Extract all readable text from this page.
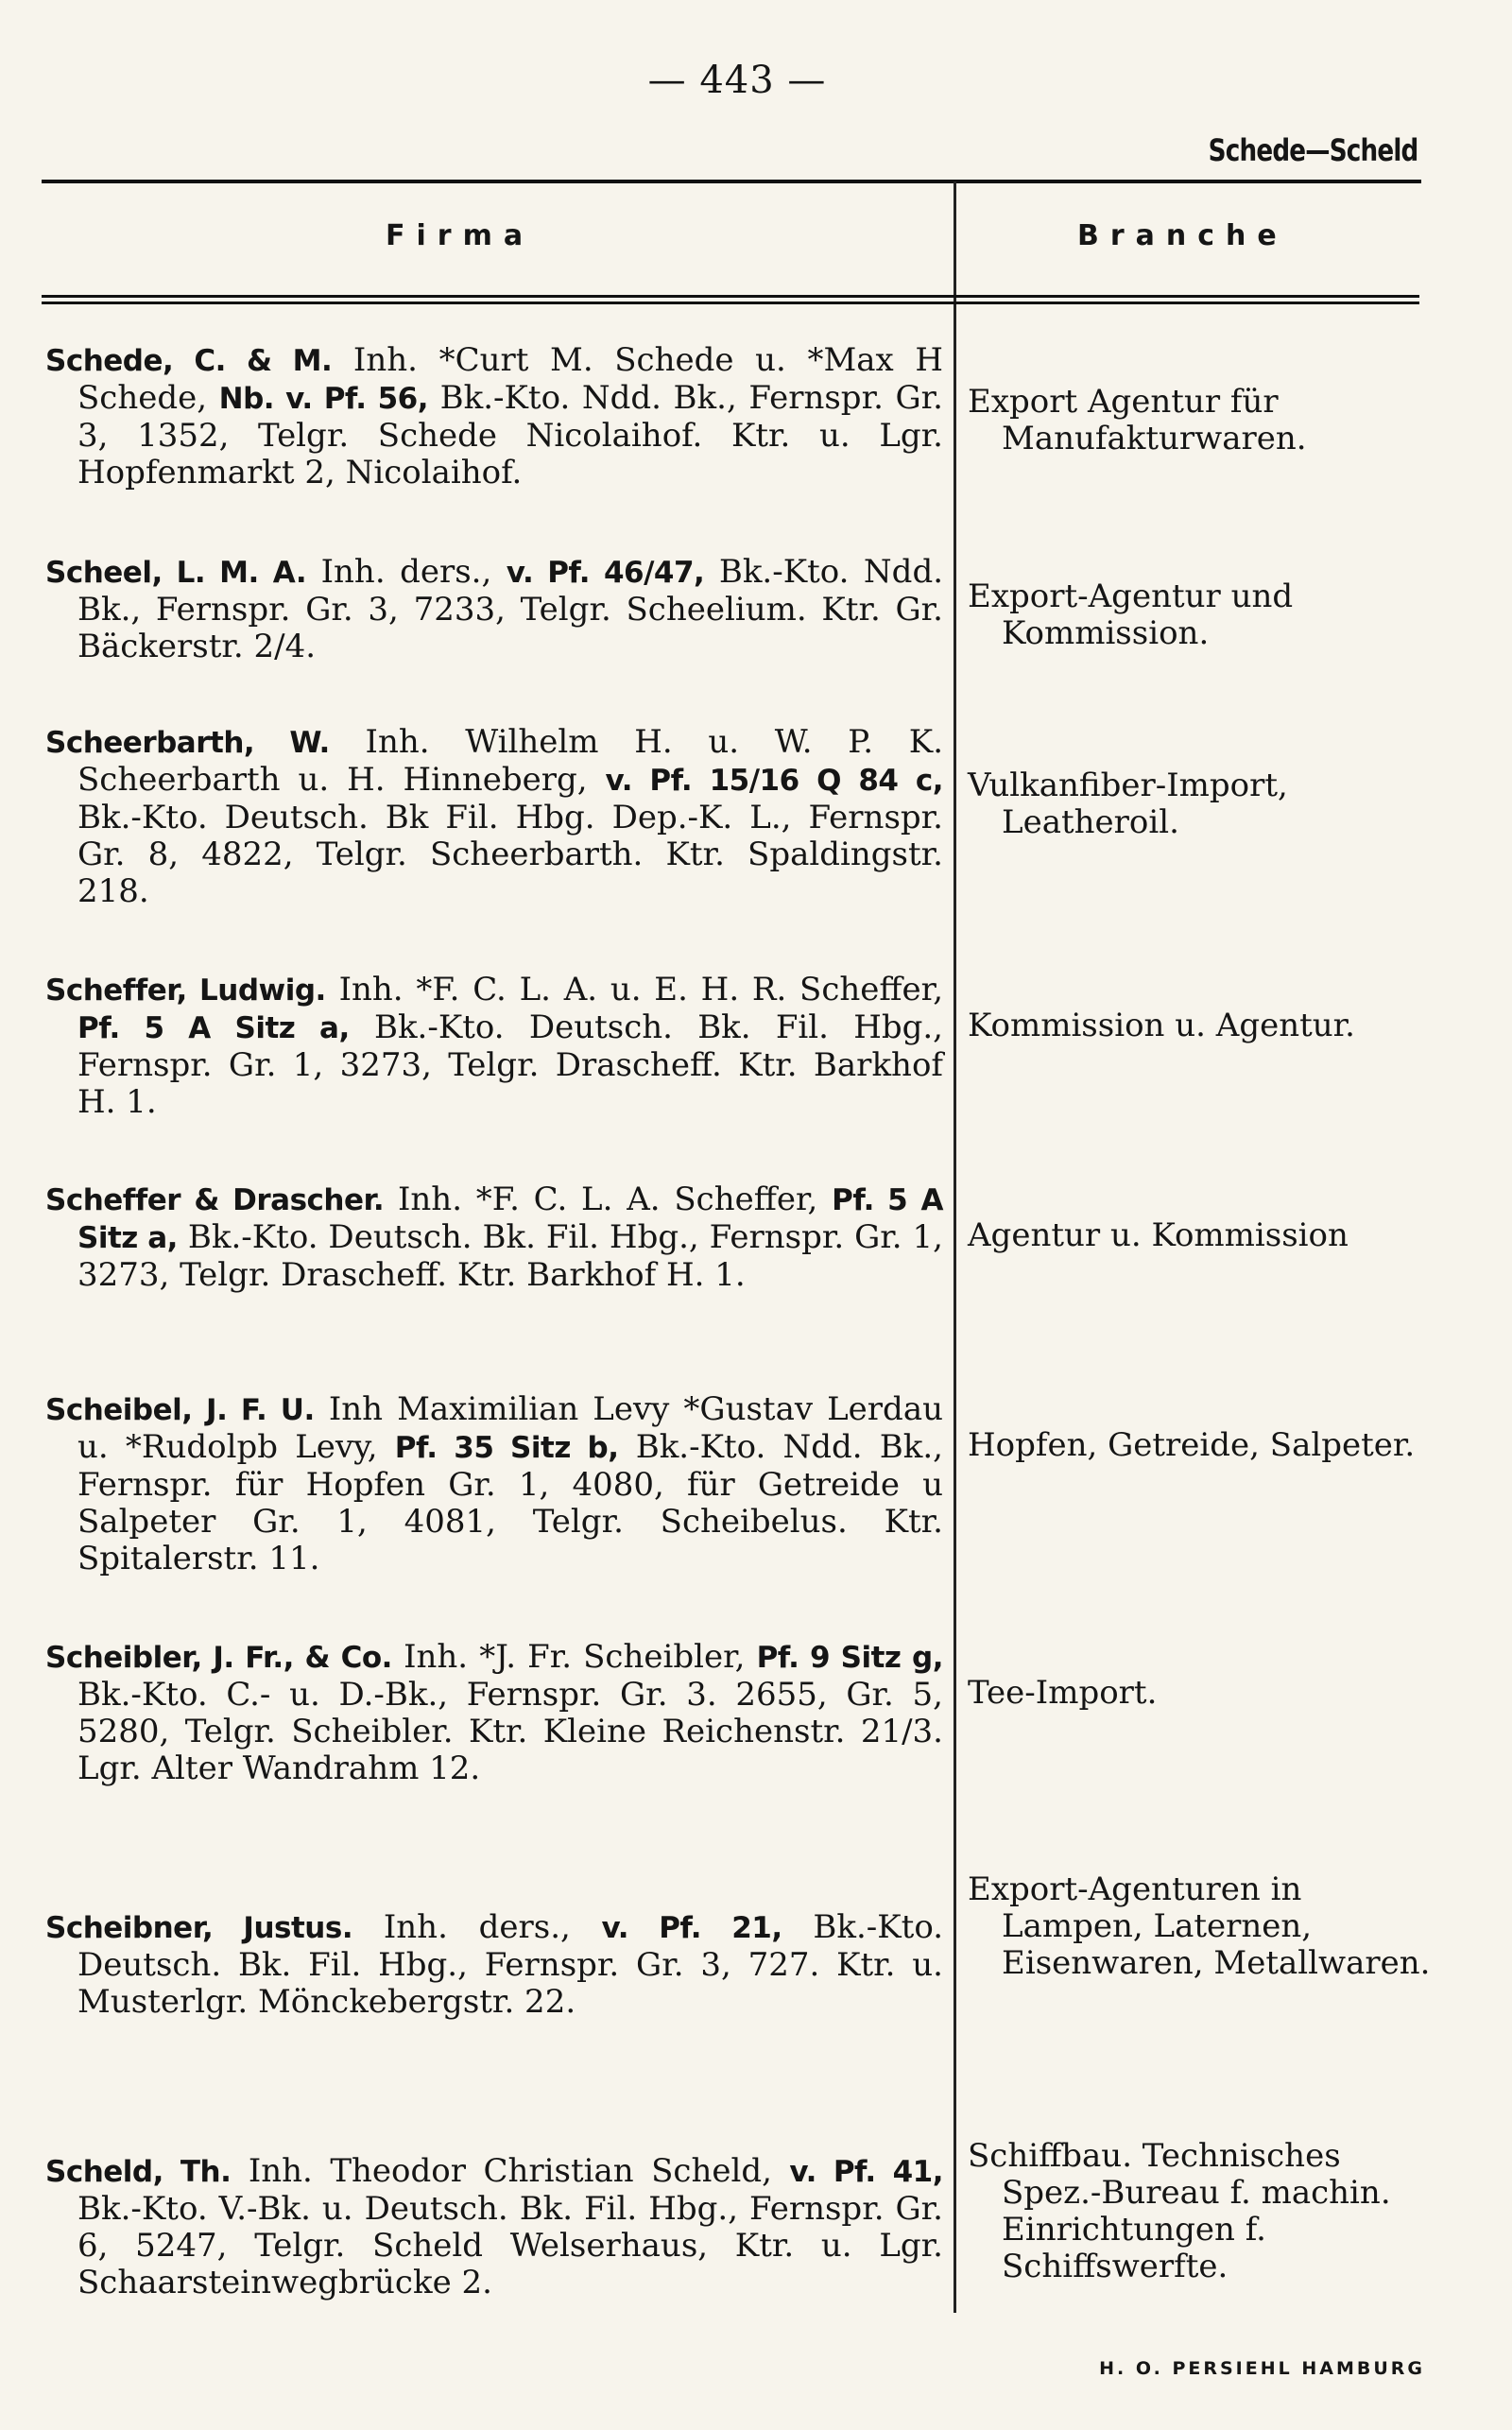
— 443 —
Schede—Scheld
Firma	Branche
Schede, C. & M. Inh. *Curt M. Schede u. *Max H Schede, Nb. v. Pf. 56, Bk.-Kto. Ndd. Bk., Fernspr. Gr. 3, 1352, Telgr. Schede Nicolaihof. Ktr. u. Lgr. Hopfenmarkt 2, Nicolaihof.
Export Agentur für Manufakturwaren.
Scheel, L. M. A. Inh. ders., v. Pf. 46/47, Bk.-Kto. Ndd. Bk., Fernspr. Gr. 3, 7233, Telgr. Scheelium. Ktr. Gr. Bäckerstr. 2/4.
Export-Agentur und Kommission.
Scheerbarth, W. Inh. Wilhelm H. u. W. P. K. Scheerbarth u. H. Hinneberg, v. Pf. 15/16 Q 84 c, Bk.-Kto. Deutsch. Bk Fil. Hbg. Dep.-K. L., Fernspr. Gr. 8, 4822, Telgr. Scheerbarth. Ktr. Spaldingstr. 218.
Vulkanfiber-Import, Leatheroil.
Scheffer, Ludwig. Inh. *F. C. L. A. u. E. H. R. Scheffer, Pf. 5 A Sitz a, Bk.-Kto. Deutsch. Bk. Fil. Hbg., Fernspr. Gr. 1, 3273, Telgr. Drascheff. Ktr. Barkhof H. 1.
Kommission u. Agentur.
Scheffer & Drascher. Inh. *F. C. L. A. Scheffer, Pf. 5 A Sitz a, Bk.-Kto. Deutsch. Bk. Fil. Hbg., Fernspr. Gr. 1, 3273, Telgr. Drascheff. Ktr. Barkhof H. 1.
Agentur u. Kommission
Scheibel, J. F. U. Inh Maximilian Levy *Gustav Lerdau u. *Rudolpb Levy, Pf. 35 Sitz b, Bk.-Kto. Ndd. Bk., Fernspr. für Hopfen Gr. 1, 4080, für Getreide u Salpeter Gr. 1, 4081, Telgr. Scheibelus. Ktr. Spitalerstr. 11.
Hopfen, Getreide, Salpeter.
Scheibler, J. Fr., & Co. Inh. *J. Fr. Scheibler, Pf. 9 Sitz g, Bk.-Kto. C.- u. D.-Bk., Fernspr. Gr. 3. 2655, Gr. 5, 5280, Telgr. Scheibler. Ktr. Kleine Reichenstr. 21/3. Lgr. Alter Wandrahm 12.
Tee-Import.
Scheibner, Justus. Inh. ders., v. Pf. 21, Bk.-Kto. Deutsch. Bk. Fil. Hbg., Fernspr. Gr. 3, 727. Ktr. u. Musterlgr. Mönckebergstr. 22.
Export-Agenturen in Lampen, Laternen, Eisenwaren, Metallwaren.
Scheld, Th. Inh. Theodor Christian Scheld, v. Pf. 41, Bk.-Kto. V.-Bk. u. Deutsch. Bk. Fil. Hbg., Fernspr. Gr. 6, 5247, Telgr. Scheld Welserhaus, Ktr. u. Lgr. Schaarsteinwegbrücke 2.
Schiffbau. Technisches Spez.-Bureau f. machin. Einrichtungen f. Schiffswerfte.
H. O. PERSIEHL HAMBURG
